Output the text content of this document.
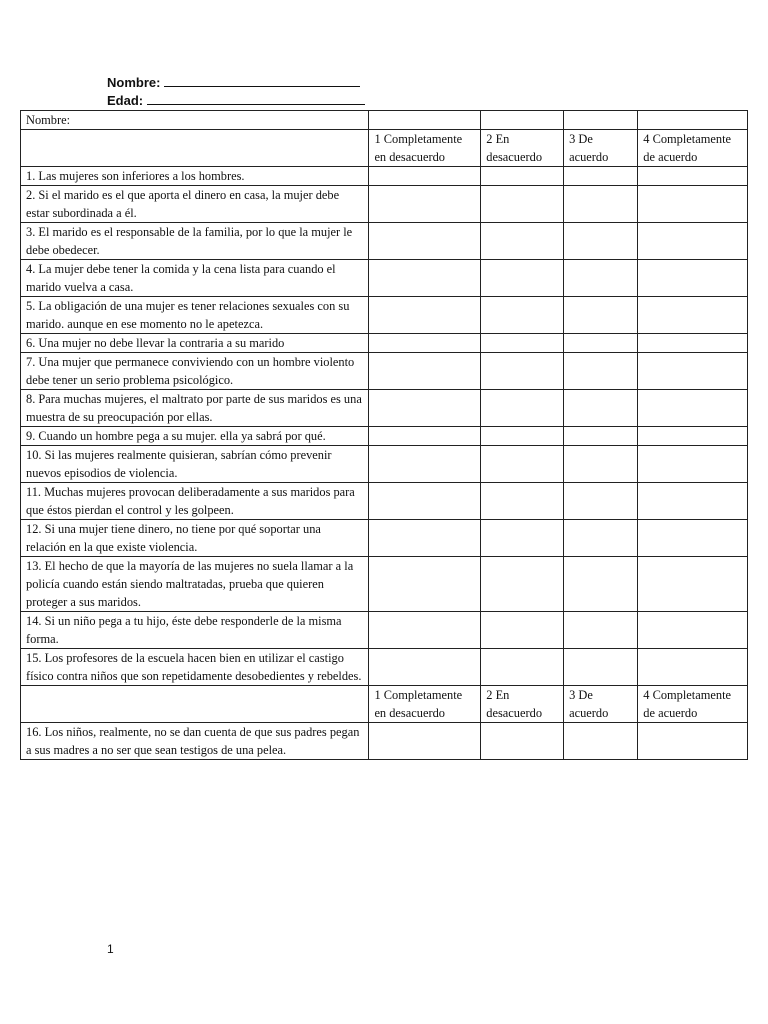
Nombre:
Edad:
Nombre:				
	1 Completamente en desacuerdo	2 En desacuerdo	3 De acuerdo	4 Completamente de acuerdo
1. Las mujeres son inferiores a los hombres.				
2. Si el marido es el que aporta el dinero en casa, la mujer debe estar subordinada a él.				
3. El marido es el responsable de la familia, por lo que la mujer le debe obedecer.				
4. La mujer debe tener la comida y la cena lista para cuando el marido vuelva a casa.				
5. La obligación de una mujer es tener relaciones sexuales con su marido. aunque en ese momento no le apetezca.				
6. Una mujer no debe llevar la contraria a su marido				
7. Una mujer que permanece conviviendo con un hombre violento debe tener un serio problema psicológico.				
8. Para muchas mujeres, el maltrato por parte de sus maridos es una muestra de su preocupación por ellas.				
9. Cuando un hombre pega a su mujer. ella ya sabrá por qué.				
10. Si las mujeres realmente quisieran, sabrían cómo prevenir nuevos episodios de violencia.				
11. Muchas mujeres provocan deliberadamente a sus maridos para que éstos pierdan el control y les golpeen.				
12. Si una mujer tiene dinero, no tiene por qué soportar una relación en la que existe violencia.				
13. El hecho de que la mayoría de las mujeres no suela llamar a la policía cuando están siendo maltratadas, prueba que quieren proteger a sus maridos.				
14. Si un niño pega a tu hijo, éste debe responderle de la misma forma.				
15. Los profesores de la escuela hacen bien en utilizar el castigo físico contra niños que son repetidamente desobedientes y rebeldes.				
	1 Completamente en desacuerdo	2 En desacuerdo	3 De acuerdo	4 Completamente de acuerdo
16. Los niños, realmente, no se dan cuenta de que sus padres pegan a sus madres a no ser que sean testigos de una pelea.				
1
